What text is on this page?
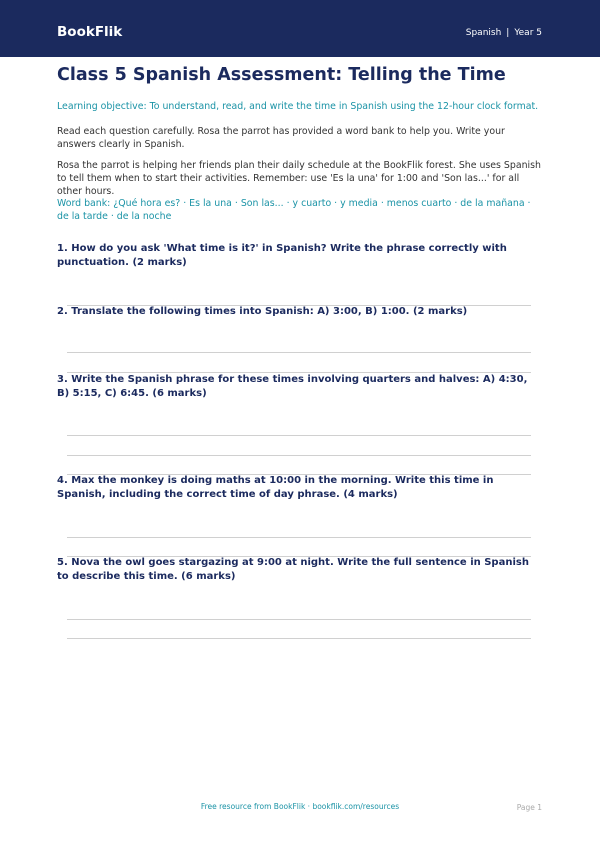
BookFlik	Spanish | Year 5
Class 5 Spanish Assessment: Telling the Time

Learning objective: To understand, read, and write the time in Spanish using the 12-hour clock format.

Read each question carefully. Rosa the parrot has provided a word bank to help you. Write your answers clearly in Spanish.

Rosa the parrot is helping her friends plan their daily schedule at the BookFlik forest. She uses Spanish to tell them when to start their activities. Remember: use 'Es la una' for 1:00 and 'Son las...' for all other hours.

Word bank: ¿Qué hora es? · Es la una · Son las... · y cuarto · y media · menos cuarto · de la mañana · de la tarde · de la noche

1. How do you ask 'What time is it?' in Spanish? Write the phrase correctly with punctuation. (2 marks)

2. Translate the following times into Spanish: A) 3:00, B) 1:00. (2 marks)

3. Write the Spanish phrase for these times involving quarters and halves: A) 4:30, B) 5:15, C) 6:45. (6 marks)

4. Max the monkey is doing maths at 10:00 in the morning. Write this time in Spanish, including the correct time of day phrase. (4 marks)

5. Nova the owl goes stargazing at 9:00 at night. Write the full sentence in Spanish to describe this time. (6 marks)

Free resource from BookFlik · bookflik.com/resources	Page 1
